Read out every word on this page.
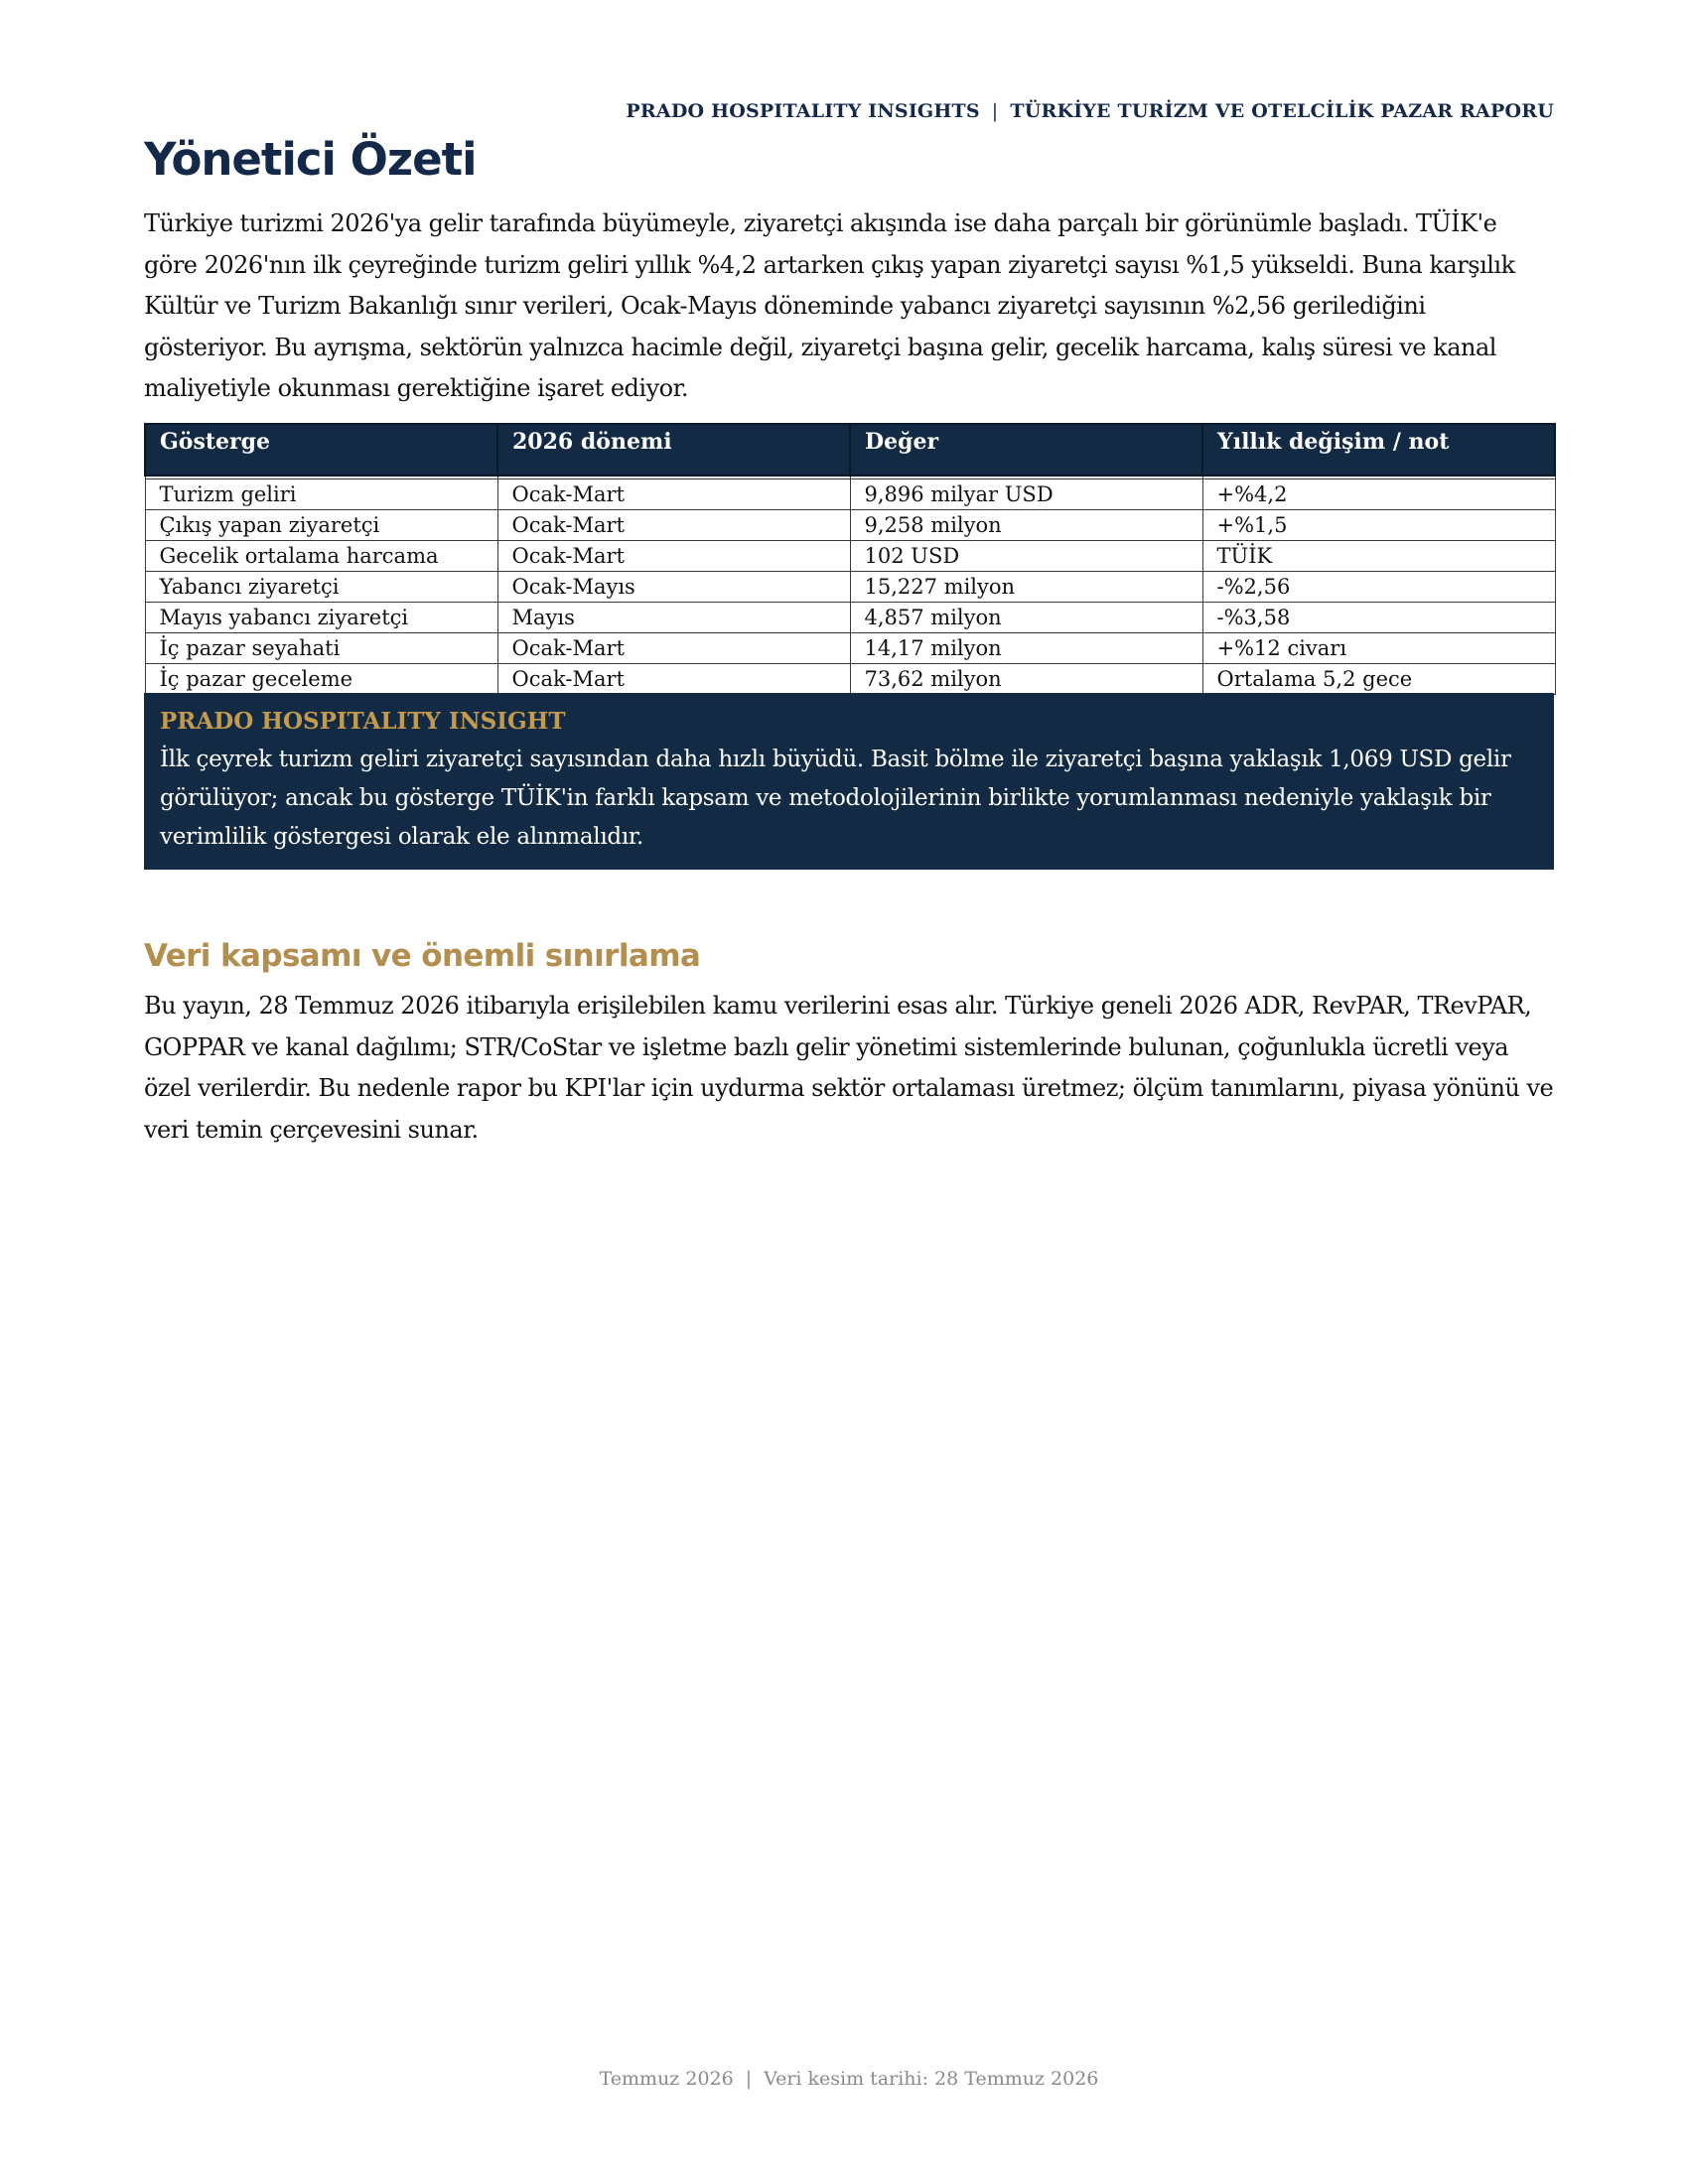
PRADO HOSPITALITY INSIGHTS | TÜRKİYE TURİZM VE OTELCİLİK PAZAR RAPORU
Yönetici Özeti

Türkiye turizmi 2026'ya gelir tarafında büyümeyle, ziyaretçi akışında ise daha parçalı bir görünümle başladı. TÜİK'e göre 2026'nın ilk çeyreğinde turizm geliri yıllık %4,2 artarken çıkış yapan ziyaretçi sayısı %1,5 yükseldi. Buna karşılık Kültür ve Turizm Bakanlığı sınır verileri, Ocak-Mayıs döneminde yabancı ziyaretçi sayısının %2,56 gerilediğini gösteriyor. Bu ayrışma, sektörün yalnızca hacimle değil, ziyaretçi başına gelir, gecelik harcama, kalış süresi ve kanal maliyetiyle okunması gerektiğine işaret ediyor.

Gösterge	2026 dönemi	Değer	Yıllık değişim / not

Turizm geliri	Ocak-Mart	9,896 milyar USD	+%4,2
Çıkış yapan ziyaretçi	Ocak-Mart	9,258 milyon	+%1,5
Gecelik ortalama harcama	Ocak-Mart	102 USD	TÜİK
Yabancı ziyaretçi	Ocak-Mayıs	15,227 milyon	-%2,56
Mayıs yabancı ziyaretçi	Mayıs	4,857 milyon	-%3,58
İç pazar seyahati	Ocak-Mart	14,17 milyon	+%12 civarı
İç pazar geceleme	Ocak-Mart	73,62 milyon	Ortalama 5,2 gece

PRADO HOSPITALITY INSIGHT

İlk çeyrek turizm geliri ziyaretçi sayısından daha hızlı büyüdü. Basit bölme ile ziyaretçi başına yaklaşık 1,069 USD gelir görülüyor; ancak bu gösterge TÜİK'in farklı kapsam ve metodolojilerinin birlikte yorumlanması nedeniyle yaklaşık bir verimlilik göstergesi olarak ele alınmalıdır.

Veri kapsamı ve önemli sınırlama

Bu yayın, 28 Temmuz 2026 itibarıyla erişilebilen kamu verilerini esas alır. Türkiye geneli 2026 ADR, RevPAR, TRevPAR, GOPPAR ve kanal dağılımı; STR/CoStar ve işletme bazlı gelir yönetimi sistemlerinde bulunan, çoğunlukla ücretli veya özel verilerdir. Bu nedenle rapor bu KPI'lar için uydurma sektör ortalaması üretmez; ölçüm tanımlarını, piyasa yönünü ve veri temin çerçevesini sunar.

Temmuz 2026 | Veri kesim tarihi: 28 Temmuz 2026
